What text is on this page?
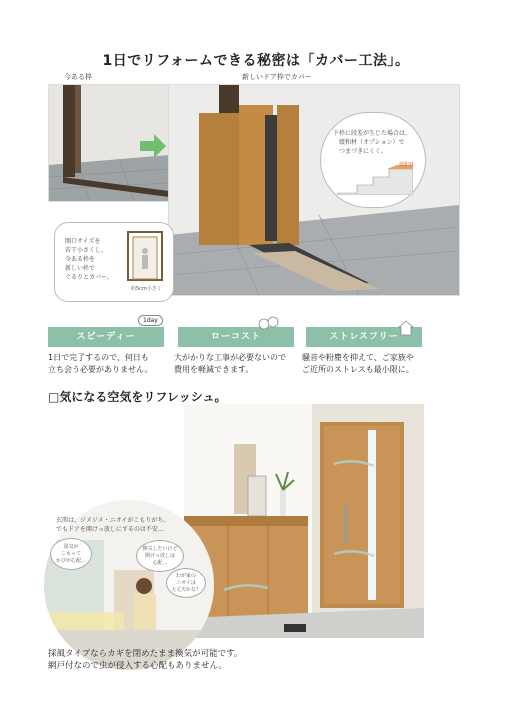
1日でリフォームできる秘密は「カバー工法」。
今ある枠	新しいドア枠でカバー
下枠に段差が生じた場合は、
緩和材（オプション）で
つまづきにくく。
緩和材
開口サイズを
若干小さくし、
今ある枠を
新しい枠で
ぐるりとカバー。
約5cm小さく
スピーディー
1day
ローコスト	ストレスフリー
1日で完了するので、何日も
立ち会う必要がありません。
大がかりな工事が必要ないので
費用を軽減できます。
騒音や粉塵を抑えて、ご家族や
ご近所のストレスも最小限に。
□気になる空気をリフレッシュ。
玄関は、ジメジメ・ニオイがこもりがち。
でもドアを開けっ放しにするのは不安…
湿気が
こもって
かびが心配…
換気したいけど
開けっ放しは
心配…
わが家の
ニオイは
大丈夫かな？
採風タイプならカギを閉めたまま換気が可能です。
網戸付なので虫が侵入する心配もありません。
